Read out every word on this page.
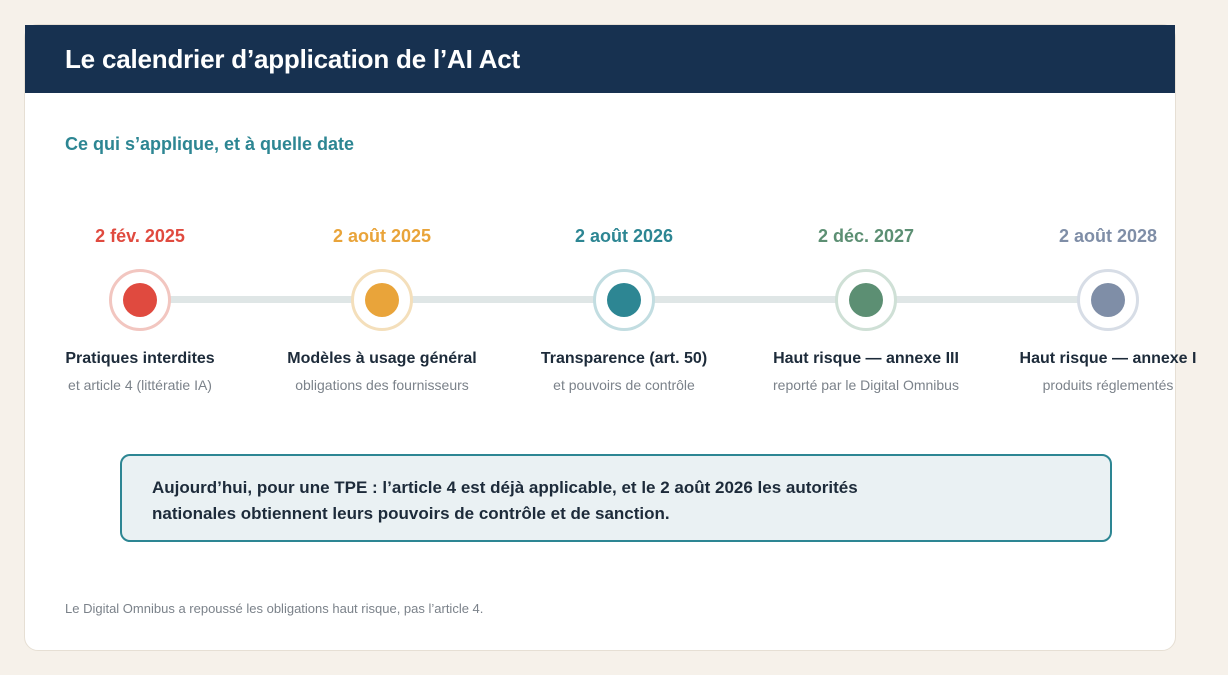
Le calendrier d’application de l’AI Act
Ce qui s’applique, et à quelle date
2 fév. 2025
Pratiques interdites
et article 4 (littératie IA)
2 août 2025
Modèles à usage général
obligations des fournisseurs
2 août 2026
Transparence (art. 50)
et pouvoirs de contrôle
2 déc. 2027
Haut risque — annexe III
reporté par le Digital Omnibus
2 août 2028
Haut risque — annexe I
produits réglementés

Aujourd’hui, pour une TPE : l’article 4 est déjà applicable, et le 2 août 2026 les autorités

nationales obtiennent leurs pouvoirs de contrôle et de sanction.

Le Digital Omnibus a repoussé les obligations haut risque, pas l’article 4.
